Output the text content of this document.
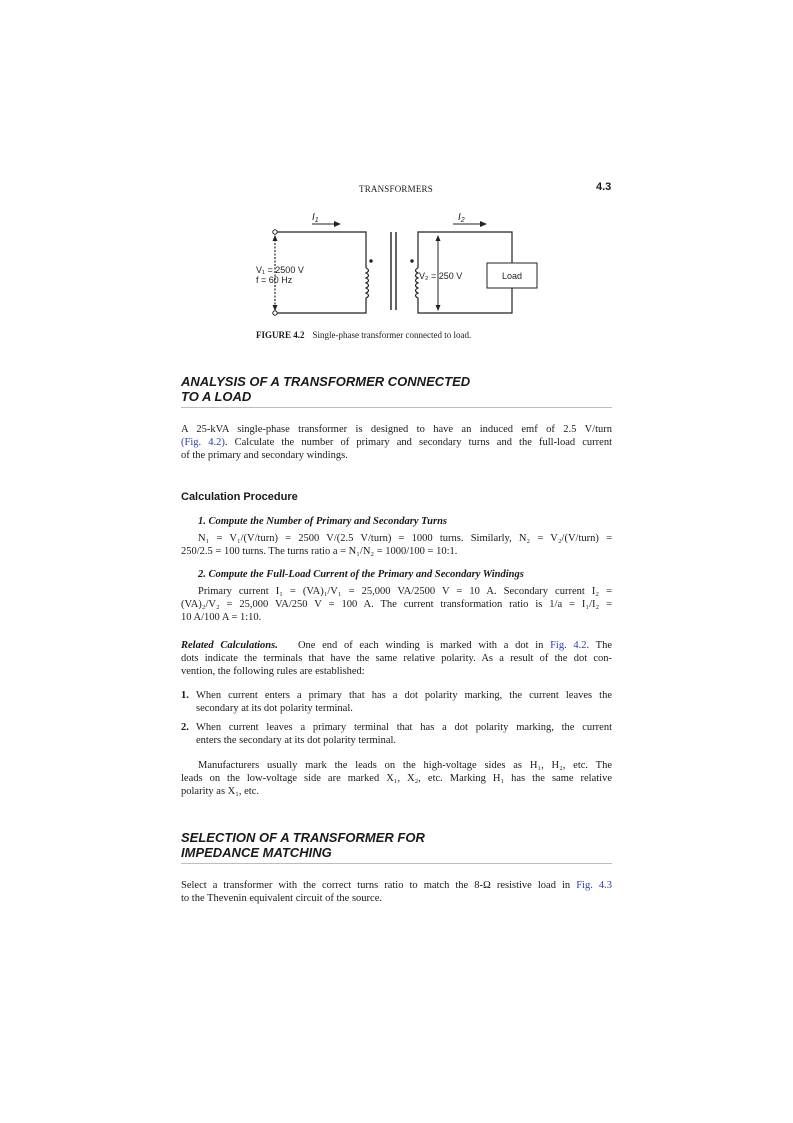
TRANSFORMERS	4.3
$I_1$	$I_2$
V₁ = 2500 V
f = 60 Hz	V₂ = 250 V	Load
FIGURE 4.2 Single-phase transformer connected to load.
ANALYSIS OF A TRANSFORMER CONNECTED
TO A LOAD
A 25-kVA single-phase transformer is designed to have an induced emf of 2.5 V/turn
(Fig. 4.2). Calculate the number of primary and secondary turns and the full-load current
of the primary and secondary windings.
Calculation Procedure
1. Compute the Number of Primary and Secondary Turns
N₁ = V₁/(V/turn) = 2500 V/(2.5 V/turn) = 1000 turns. Similarly, N₂ = V₂/(V/turn) =
250/2.5 = 100 turns. The turns ratio a = N₁/N₂ = 1000/100 = 10:1.
2. Compute the Full-Load Current of the Primary and Secondary Windings
Primary current I₁ = (VA)₁/V₁ = 25,000 VA/2500 V = 10 A. Secondary current I₂ =
(VA)₂/V₂ = 25,000 VA/250 V = 100 A. The current transformation ratio is 1/a = I₁/I₂ =
10 A/100 A = 1:10.
Related Calculations.   One end of each winding is marked with a dot in Fig. 4.2. The
dots indicate the terminals that have the same relative polarity. As a result of the dot con-
vention, the following rules are established:
1. When current enters a primary that has a dot polarity marking, the current leaves the
secondary at its dot polarity terminal.
2. When current leaves a primary terminal that has a dot polarity marking, the current
enters the secondary at its dot polarity terminal.
Manufacturers usually mark the leads on the high-voltage sides as H₁, H₂, etc. The
leads on the low-voltage side are marked X₁, X₂, etc. Marking H₁ has the same relative
polarity as X₁, etc.
SELECTION OF A TRANSFORMER FOR
IMPEDANCE MATCHING
Select a transformer with the correct turns ratio to match the 8-Ω resistive load in Fig. 4.3
to the Thevenin equivalent circuit of the source.
